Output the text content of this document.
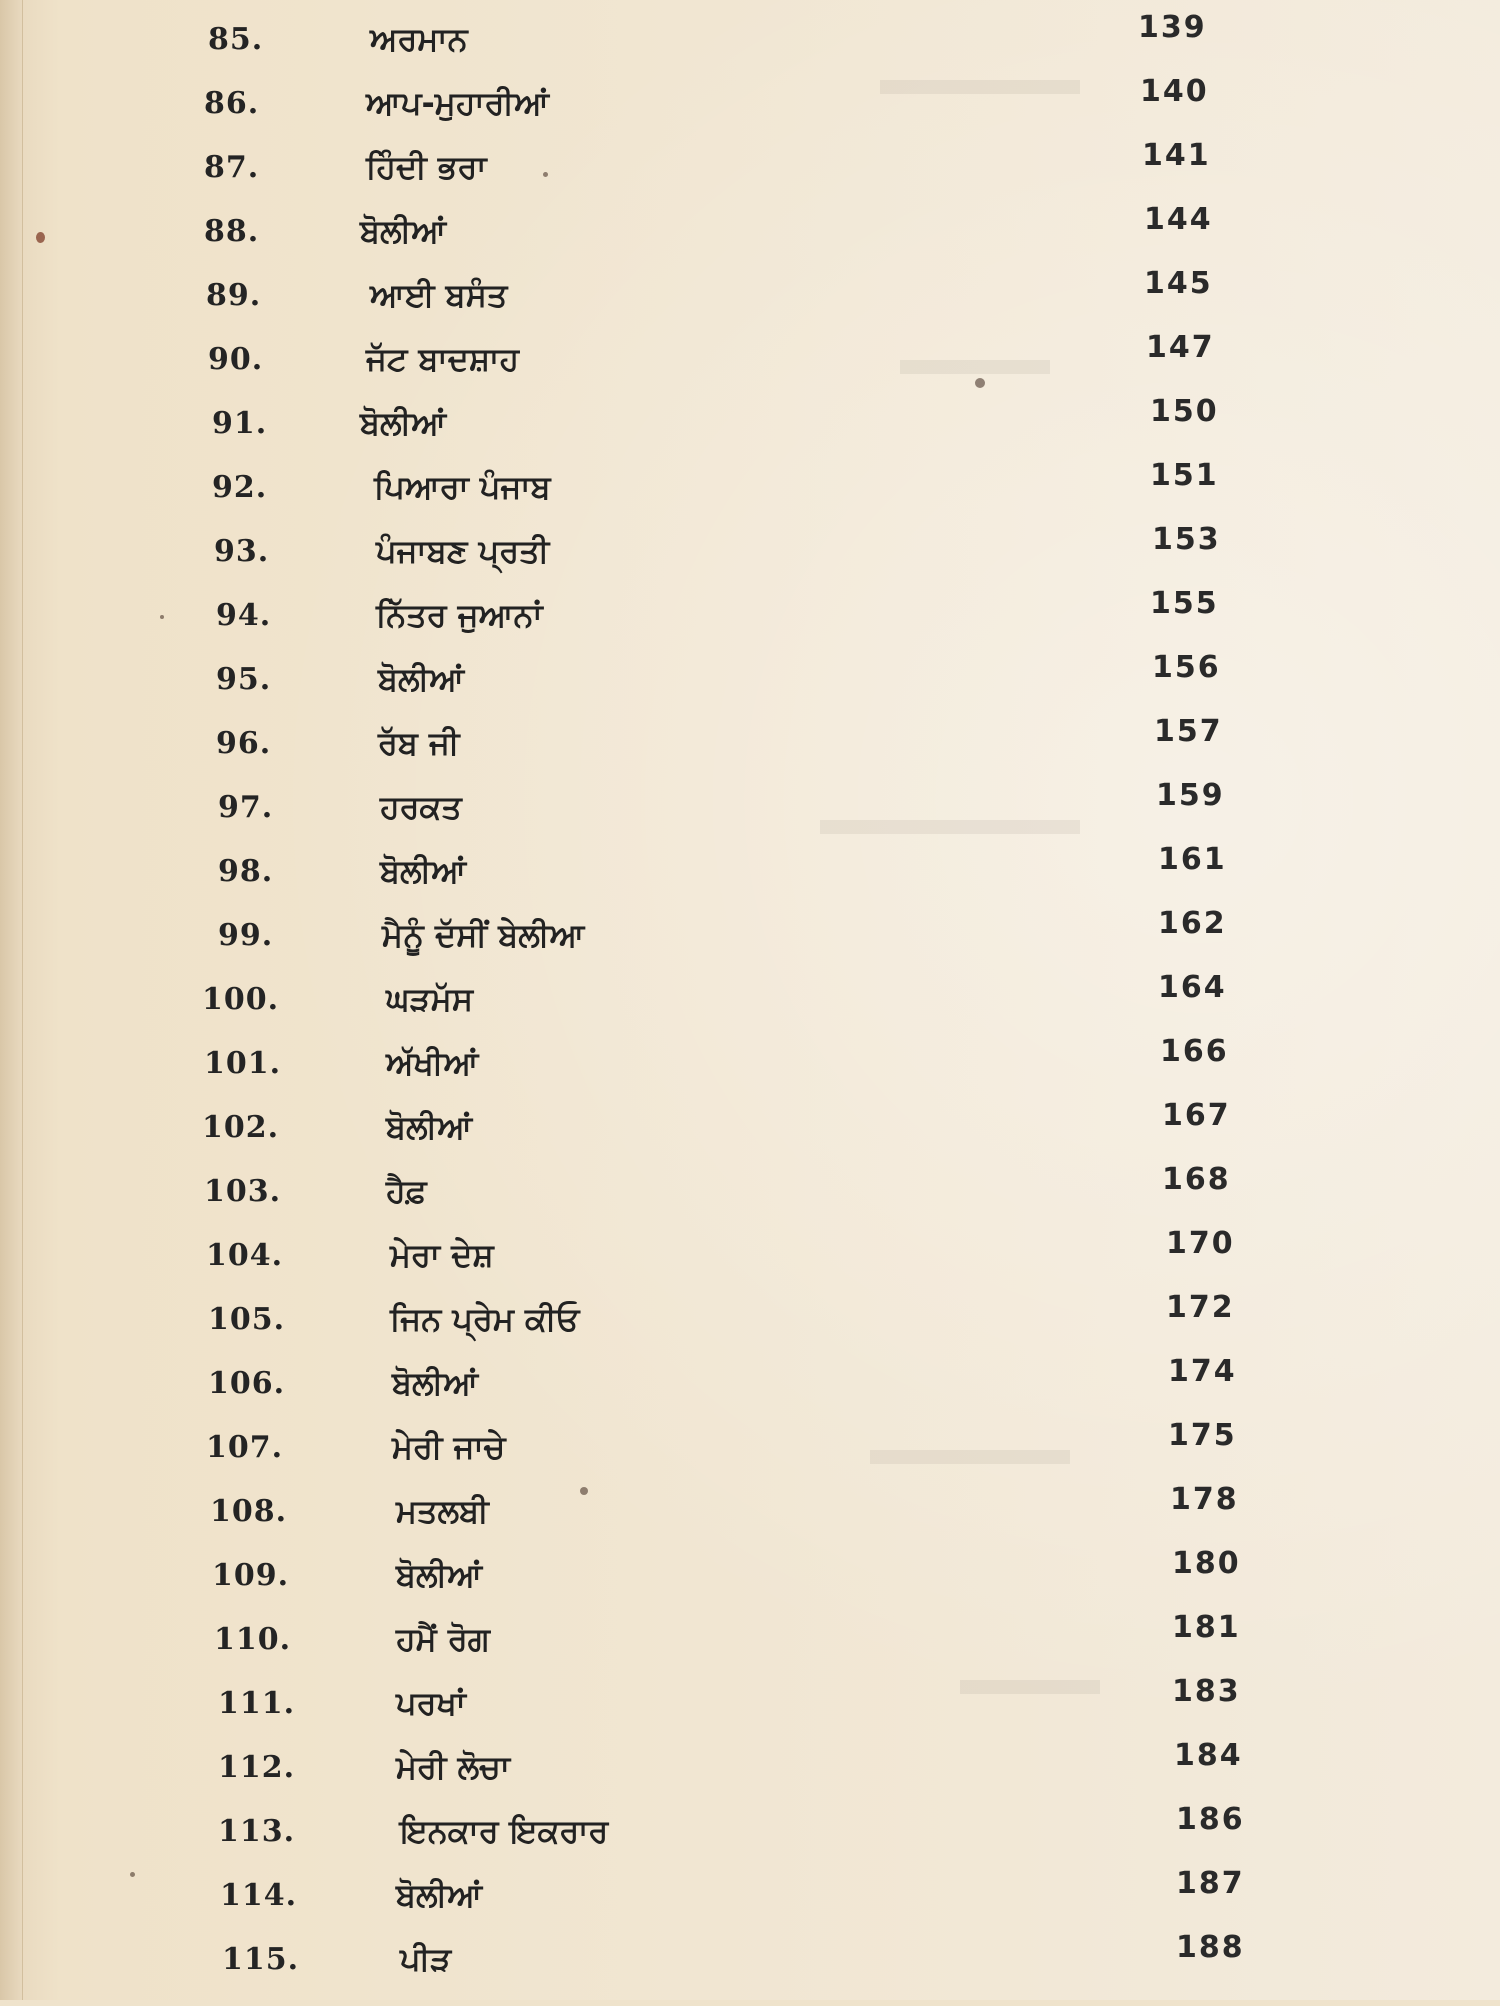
85.	ਅਰਮਾਨ	139
86.	ਆਪ-ਮੁਹਾਰੀਆਂ	140
87.	ਹਿੰਦੀ ਭਰਾ	141
88.	ਬੋਲੀਆਂ	144
89.	ਆਈ ਬਸੰਤ	145
90.	ਜੱਟ ਬਾਦਸ਼ਾਹ	147
91.	ਬੋਲੀਆਂ	150
92.	ਪਿਆਰਾ ਪੰਜਾਬ	151
93.	ਪੰਜਾਬਣ ਪ੍ਰਤੀ	153
94.	ਨਿੱਤਰ ਜੁਆਨਾਂ	155
95.	ਬੋਲੀਆਂ	156
96.	ਰੱਬ ਜੀ	157
97.	ਹਰਕਤ	159
98.	ਬੋਲੀਆਂ	161
99.	ਮੈਨੂੰ ਦੱਸੀਂ ਬੇਲੀਆ	162
100.	ਘੜਮੱਸ	164
101.	ਅੱਖੀਆਂ	166
102.	ਬੋਲੀਆਂ	167
103.	ਹੈਫ਼	168
104.	ਮੇਰਾ ਦੇਸ਼	170
105.	ਜਿਨ ਪ੍ਰੇਮ ਕੀਓ	172
106.	ਬੋਲੀਆਂ	174
107.	ਮੇਰੀ ਜਾਚੇ	175
108.	ਮਤਲਬੀ	178
109.	ਬੋਲੀਆਂ	180
110.	ਹਮੈਂ ਰੋਗ	181
111.	ਪਰਖਾਂ	183
112.	ਮੇਰੀ ਲੋਚਾ	184
113.	ਇਨਕਾਰ ਇਕਰਾਰ	186
114.	ਬੋਲੀਆਂ	187
115.	ਪੀੜ	188
